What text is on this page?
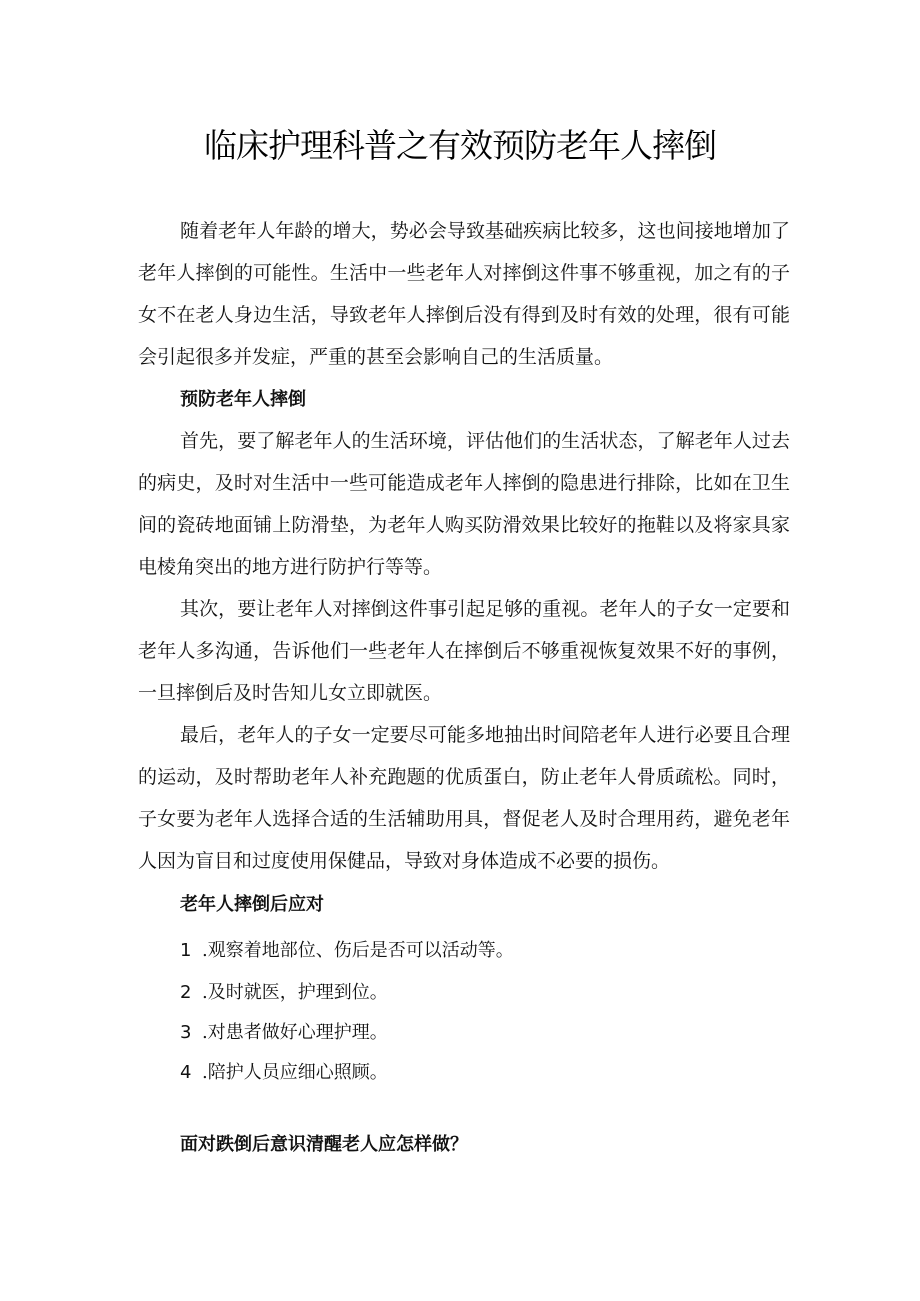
临床护理科普之有效预防老年人摔倒

随着老年人年龄的增大，势必会导致基础疾病比较多，这也间接地增加了老年人摔倒的可能性。生活中一些老年人对摔倒这件事不够重视，加之有的子女不在老人身边生活，导致老年人摔倒后没有得到及时有效的处理，很有可能会引起很多并发症，严重的甚至会影响自己的生活质量。

预防老年人摔倒

首先，要了解老年人的生活环境，评估他们的生活状态，了解老年人过去的病史，及时对生活中一些可能造成老年人摔倒的隐患进行排除，比如在卫生间的瓷砖地面铺上防滑垫，为老年人购买防滑效果比较好的拖鞋以及将家具家电棱角突出的地方进行防护行等等。

其次，要让老年人对摔倒这件事引起足够的重视。老年人的子女一定要和老年人多沟通，告诉他们一些老年人在摔倒后不够重视恢复效果不好的事例，一旦摔倒后及时告知儿女立即就医。

最后，老年人的子女一定要尽可能多地抽出时间陪老年人进行必要且合理的运动，及时帮助老年人补充跑题的优质蛋白，防止老年人骨质疏松。同时，子女要为老年人选择合适的生活辅助用具，督促老人及时合理用药，避免老年人因为盲目和过度使用保健品，导致对身体造成不必要的损伤。

老年人摔倒后应对

1 .观察着地部位、伤后是否可以活动等。

2 .及时就医，护理到位。

3 .对患者做好心理护理。

4 .陪护人员应细心照顾。

面对跌倒后意识清醒老人应怎样做？
